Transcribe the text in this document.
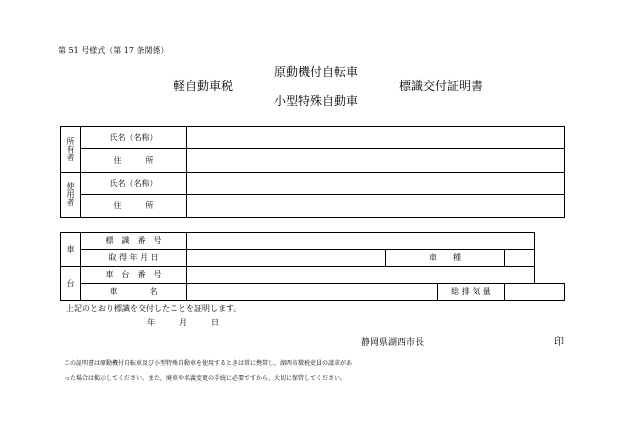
第 51 号様式（第 17 条関係）
原動機付自転車
軽自動車税	標識交付証明書
小型特殊自動車
所
有
者	氏名（名称）	
	住　　　所	

使
用
者	氏名（名称）	
	住　　　所	
車	標　識　番　号				
	取 得 年 月 日		車　　種		
台	車　台　番　号				
	車　　　　名			総 排 気 量	
上記のとおり標識を交付したことを証明します。
年　　　月　　　日
静岡県湖西市長	印
この証明書は原動機付自転車及び小型特殊自動車を使用するときは常に携帯し，湖西市徴税吏員の請求があ
った場合は掲示してください。また，廃車や名義変更の手続に必要ですから，大切に保管してください。
